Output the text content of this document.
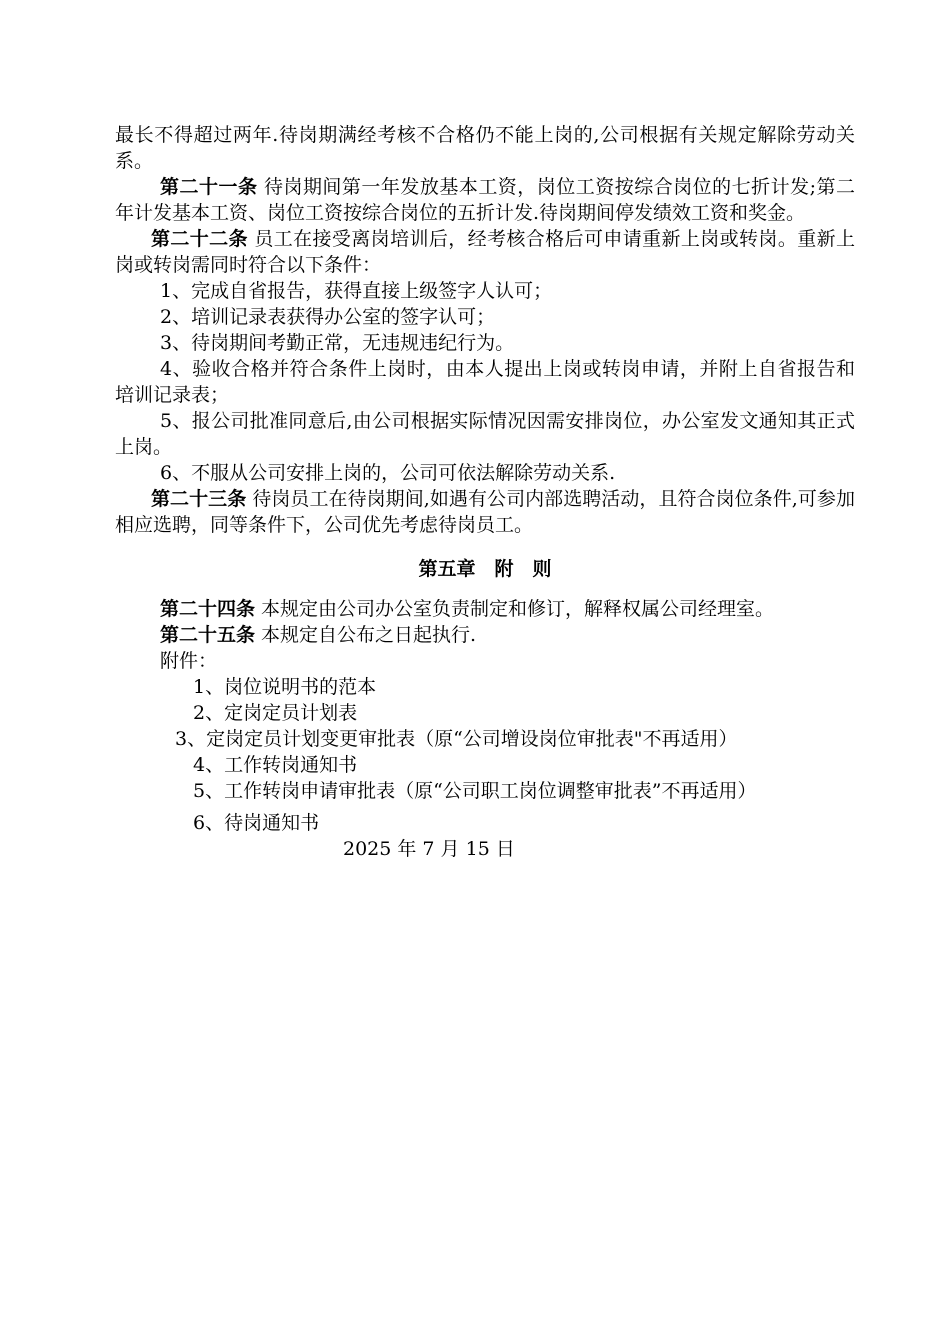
最长不得超过两年.待岗期满经考核不合格仍不能上岗的,公司根据有关规定解除劳动关系。

第二十一条 待岗期间第一年发放基本工资，岗位工资按综合岗位的七折计发;第二年计发基本工资、岗位工资按综合岗位的五折计发.待岗期间停发绩效工资和奖金。

第二十二条 员工在接受离岗培训后，经考核合格后可申请重新上岗或转岗。重新上岗或转岗需同时符合以下条件：

1、完成自省报告，获得直接上级签字人认可；

2、培训记录表获得办公室的签字认可；

3、待岗期间考勤正常，无违规违纪行为。

4、验收合格并符合条件上岗时，由本人提出上岗或转岗申请，并附上自省报告和培训记录表；

5、报公司批准同意后,由公司根据实际情况因需安排岗位，办公室发文通知其正式上岗。

6、不服从公司安排上岗的，公司可依法解除劳动关系.

第二十三条 待岗员工在待岗期间,如遇有公司内部选聘活动，且符合岗位条件,可参加相应选聘，同等条件下，公司优先考虑待岗员工。

第五章　附　则

第二十四条 本规定由公司办公室负责制定和修订，解释权属公司经理室。

第二十五条 本规定自公布之日起执行.

附件：

1、岗位说明书的范本

2、定岗定员计划表

3、定岗定员计划变更审批表（原“公司增设岗位审批表"不再适用）

4、工作转岗通知书

5、工作转岗申请审批表（原“公司职工岗位调整审批表”不再适用）

6、待岗通知书

2025 年 7 月 15 日
